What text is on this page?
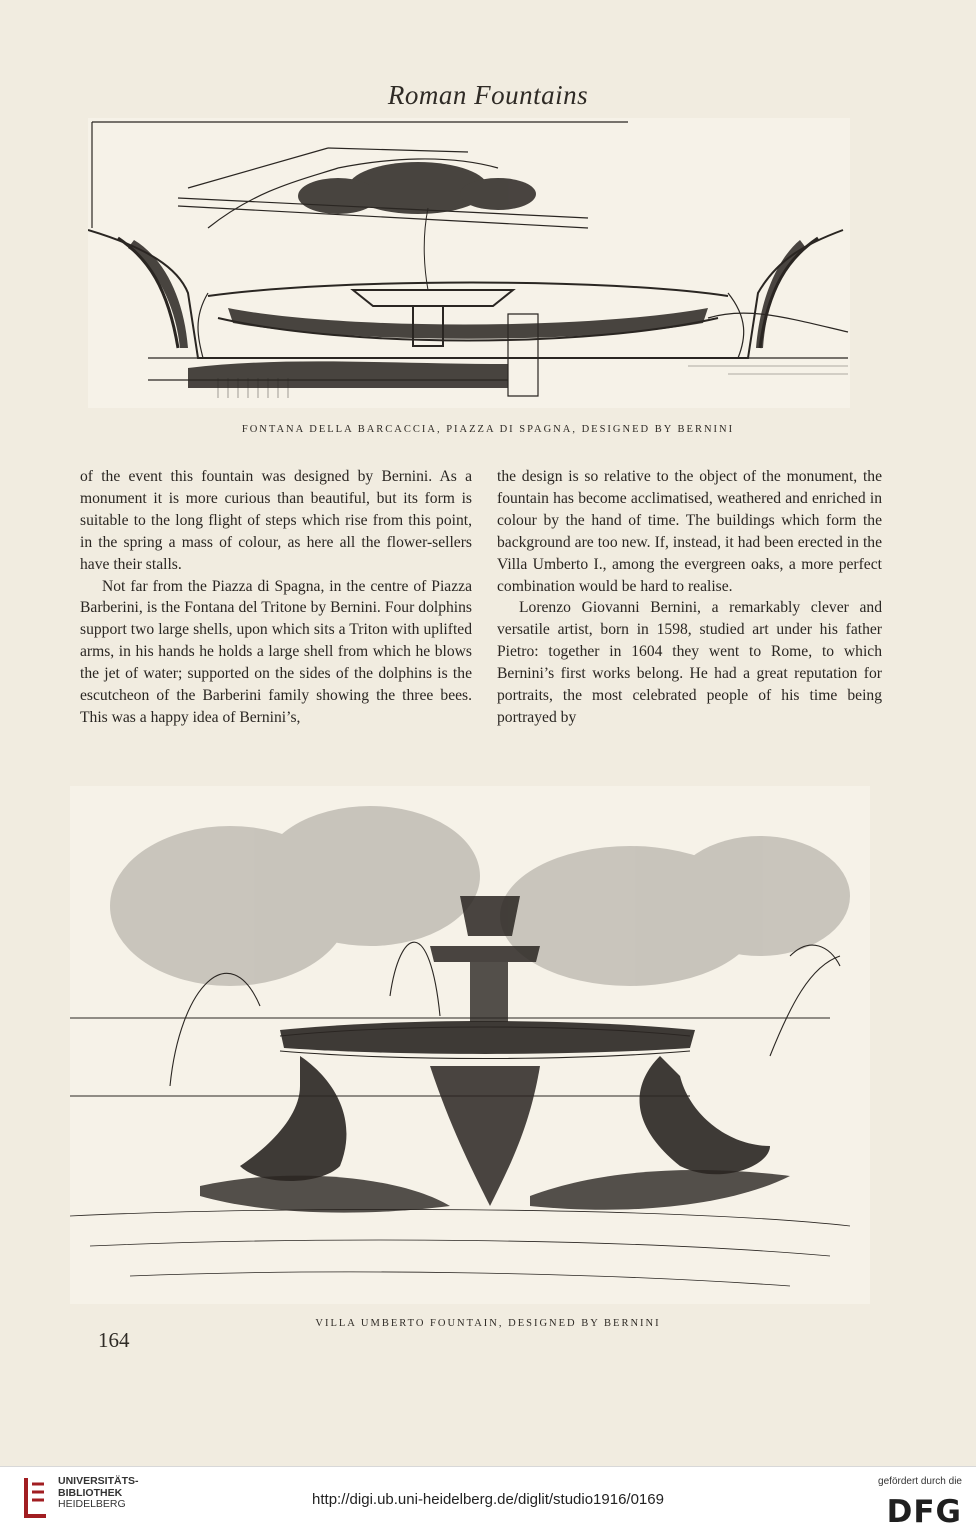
Roman Fountains
FONTANA DELLA BARCACCIA, PIAZZA DI SPAGNA, DESIGNED BY BERNINI

of the event this fountain was designed by Bernini. As a monument it is more curious than beautiful, but its form is suitable to the long flight of steps which rise from this point, in the spring a mass of colour, as here all the flower-sellers have their stalls.

Not far from the Piazza di Spagna, in the centre of Piazza Barberini, is the Fontana del Tritone by Bernini. Four dolphins support two large shells, upon which sits a Triton with uplifted arms, in his hands he holds a large shell from which he blows the jet of water; supported on the sides of the dolphins is the escutcheon of the Barberini family showing the three bees. This was a happy idea of Bernini’s,

the design is so relative to the object of the monument, the fountain has become acclimatised, weathered and enriched in colour by the hand of time. The buildings which form the background are too new. If, instead, it had been erected in the Villa Umberto I., among the evergreen oaks, a more perfect combination would be hard to realise.

Lorenzo Giovanni Bernini, a remarkably clever and versatile artist, born in 1598, studied art under his father Pietro: together in 1604 they went to Rome, to which Bernini’s first works belong. He had a great reputation for portraits, the most celebrated people of his time being portrayed by

VILLA UMBERTO FOUNTAIN, DESIGNED BY BERNINI
164
UNIVERSITÄTS-
BIBLIOTHEK
HEIDELBERG	http://digi.ub.uni-heidelberg.de/diglit/studio1916/0169
gefördert durch die
DFG
